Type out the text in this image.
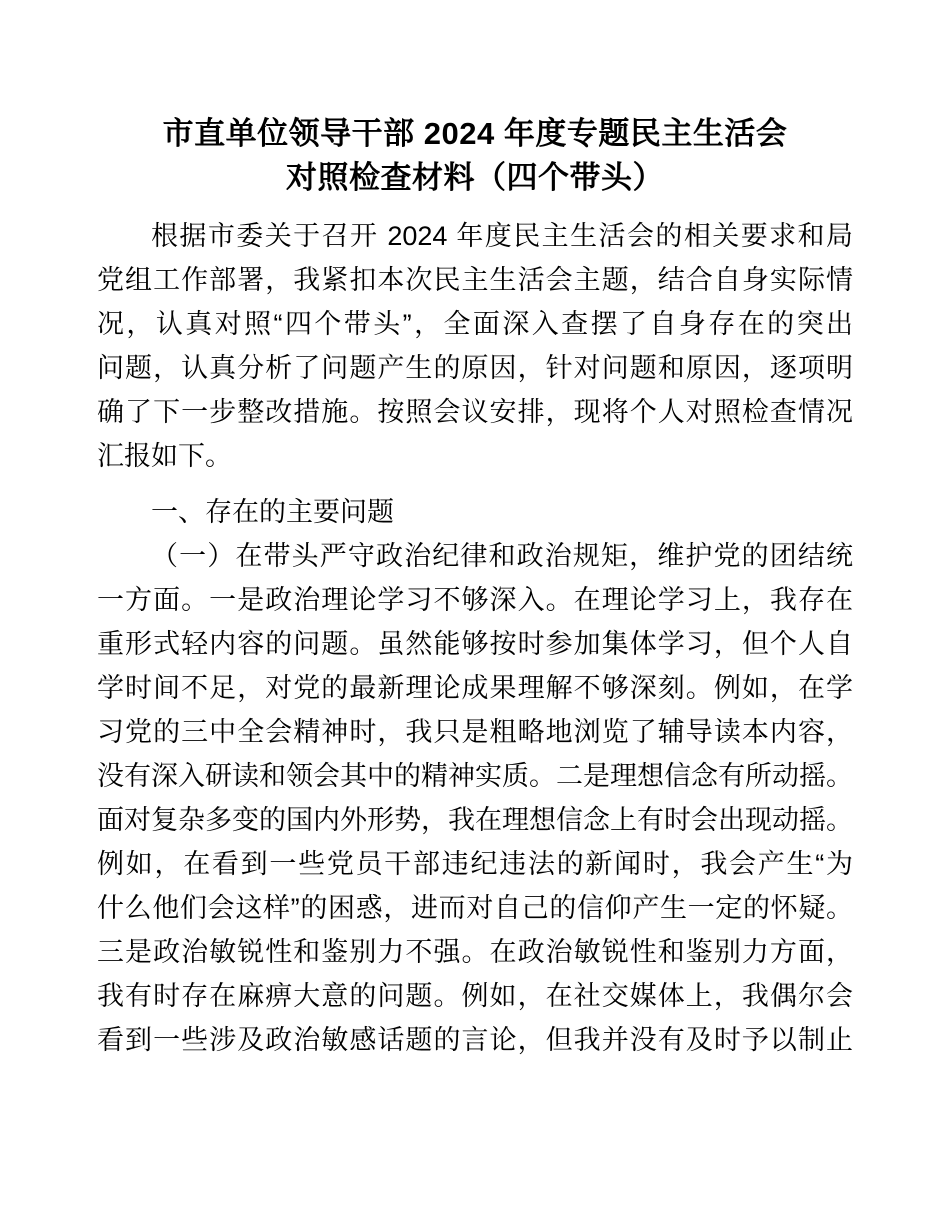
市直单位领导干部 2024 年度专题民主生活会
对照检查材料（四个带头）
根据市委关于召开 2024 年度民主生活会的相关要求和局
党组工作部署，我紧扣本次民主生活会主题，结合自身实际情
况，认真对照“四个带头”，全面深入查摆了自身存在的突出
问题，认真分析了问题产生的原因，针对问题和原因，逐项明
确了下一步整改措施。按照会议安排，现将个人对照检查情况
汇报如下。
一、存在的主要问题
（一）在带头严守政治纪律和政治规矩，维护党的团结统
一方面。一是政治理论学习不够深入。在理论学习上，我存在
重形式轻内容的问题。虽然能够按时参加集体学习，但个人自
学时间不足，对党的最新理论成果理解不够深刻。例如，在学
习党的三中全会精神时，我只是粗略地浏览了辅导读本内容，
没有深入研读和领会其中的精神实质。二是理想信念有所动摇。
面对复杂多变的国内外形势，我在理想信念上有时会出现动摇。
例如，在看到一些党员干部违纪违法的新闻时，我会产生“为
什么他们会这样”的困惑，进而对自己的信仰产生一定的怀疑。
三是政治敏锐性和鉴别力不强。在政治敏锐性和鉴别力方面，
我有时存在麻痹大意的问题。例如，在社交媒体上，我偶尔会
看到一些涉及政治敏感话题的言论，但我并没有及时予以制止
